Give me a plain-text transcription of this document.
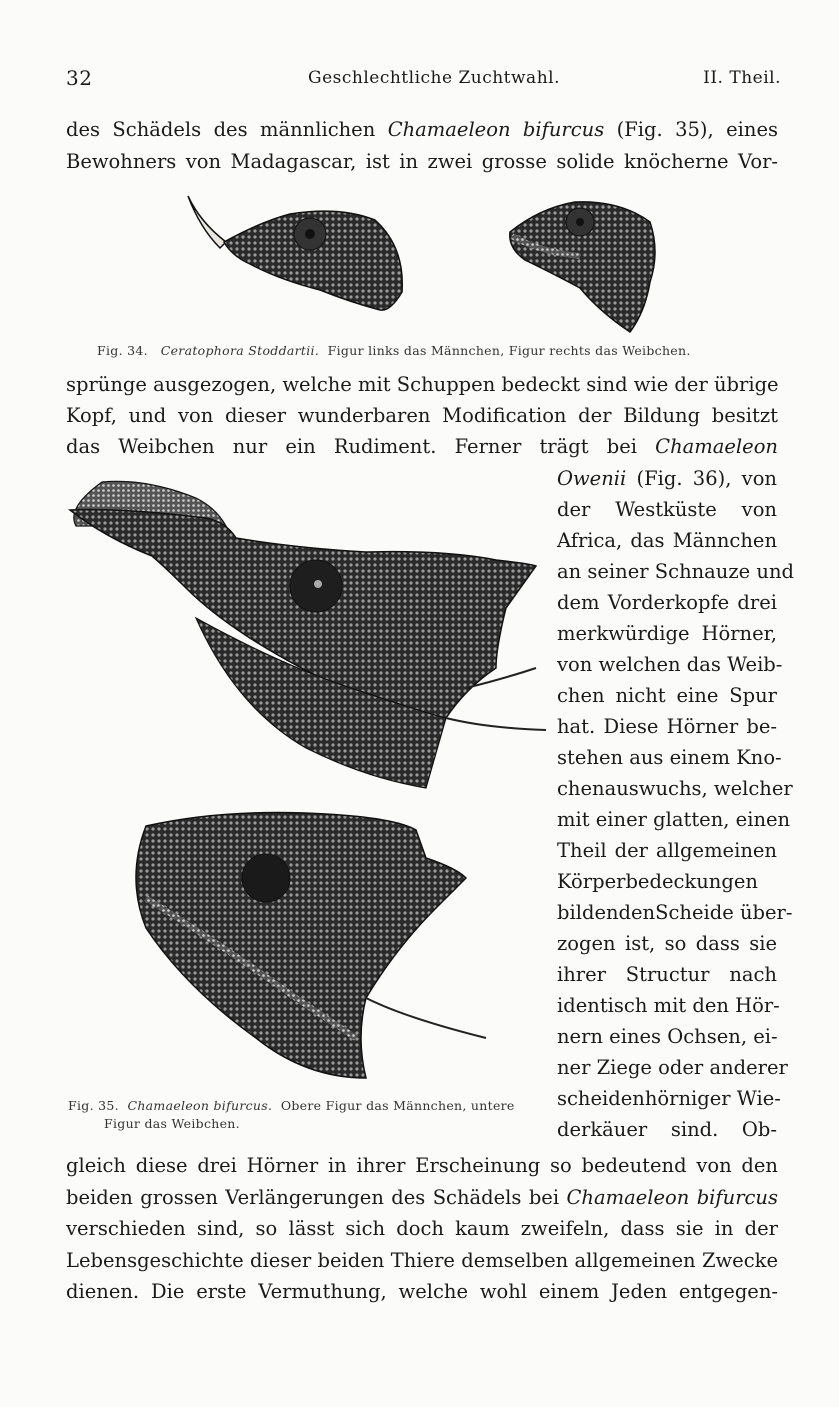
32	Geschlechtliche Zuchtwahl.	II. Theil.
des Schädels des männlichen Chamaeleon bifurcus (Fig. 35), eines
Bewohners von Madagascar, ist in zwei grosse solide knöcherne Vor-
Fig. 34. Ceratophora Stoddartii. Figur links das Männchen, Figur rechts das Weibchen.
sprünge ausgezogen, welche mit Schuppen bedeckt sind wie der übrige
Kopf, und von dieser wunderbaren Modification der Bildung besitzt
das Weibchen nur ein Rudiment. Ferner trägt bei Chamaeleon
Fig. 35. Chamaeleon bifurcus. Obere Figur das Männchen, untere
Figur das Weibchen.
Owenii (Fig. 36), von
der Westküste von
Africa, das Männchen
an seiner Schnauze und
dem Vorderkopfe drei
merkwürdige Hörner,
von welchen das Weib-
chen nicht eine Spur
hat. Diese Hörner be-
stehen aus einem Kno-
chenauswuchs, welcher
mit einer glatten, einen
Theil der allgemeinen
Körperbedeckungen
bildendenScheide über-
zogen ist, so dass sie
ihrer Structur nach
identisch mit den Hör-
nern eines Ochsen, ei-
ner Ziege oder anderer
scheidenhörniger Wie-
derkäuer sind. Ob-
gleich diese drei Hörner in ihrer Erscheinung so bedeutend von den
beiden grossen Verlängerungen des Schädels bei Chamaeleon bifurcus
verschieden sind, so lässt sich doch kaum zweifeln, dass sie in der
Lebensgeschichte dieser beiden Thiere demselben allgemeinen Zwecke
dienen. Die erste Vermuthung, welche wohl einem Jeden entgegen-
